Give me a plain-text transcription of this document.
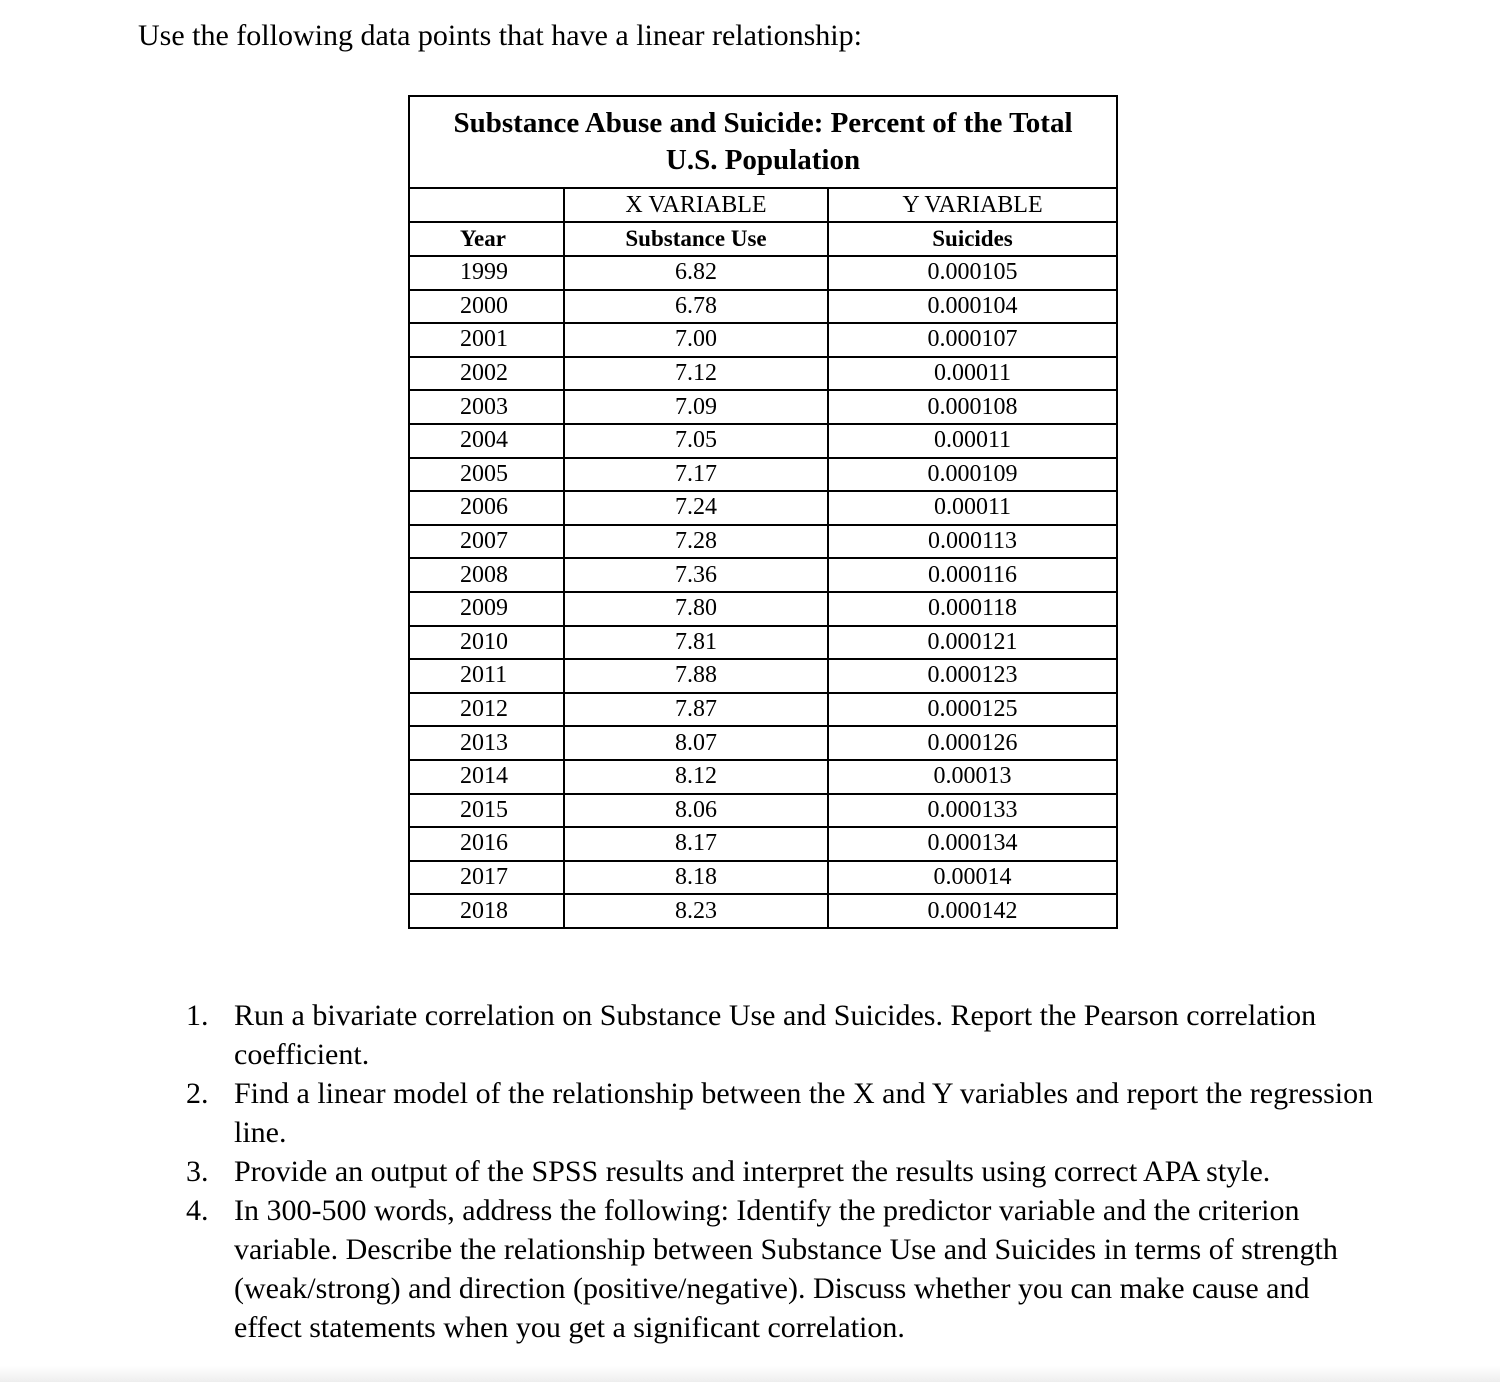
Use the following data points that have a linear relationship:
Substance Abuse and Suicide: Percent of the Total U.S. Population		
	X VARIABLE	Y VARIABLE
Year	Substance Use	Suicides
1999	6.82	0.000105
2000	6.78	0.000104
2001	7.00	0.000107
2002	7.12	0.00011
2003	7.09	0.000108
2004	7.05	0.00011
2005	7.17	0.000109
2006	7.24	0.00011
2007	7.28	0.000113
2008	7.36	0.000116
2009	7.80	0.000118
2010	7.81	0.000121
2011	7.88	0.000123
2012	7.87	0.000125
2013	8.07	0.000126
2014	8.12	0.00013
2015	8.06	0.000133
2016	8.17	0.000134
2017	8.18	0.00014
2018	8.23	0.000142
1. Run a bivariate correlation on Substance Use and Suicides. Report the Pearson correlation coefficient.
2. Find a linear model of the relationship between the X and Y variables and report the regression line.
3. Provide an output of the SPSS results and interpret the results using correct APA style.
4. In 300-500 words, address the following: Identify the predictor variable and the criterion variable. Describe the relationship between Substance Use and Suicides in terms of strength (weak/strong) and direction (positive/negative). Discuss whether you can make cause and effect statements when you get a significant correlation.
